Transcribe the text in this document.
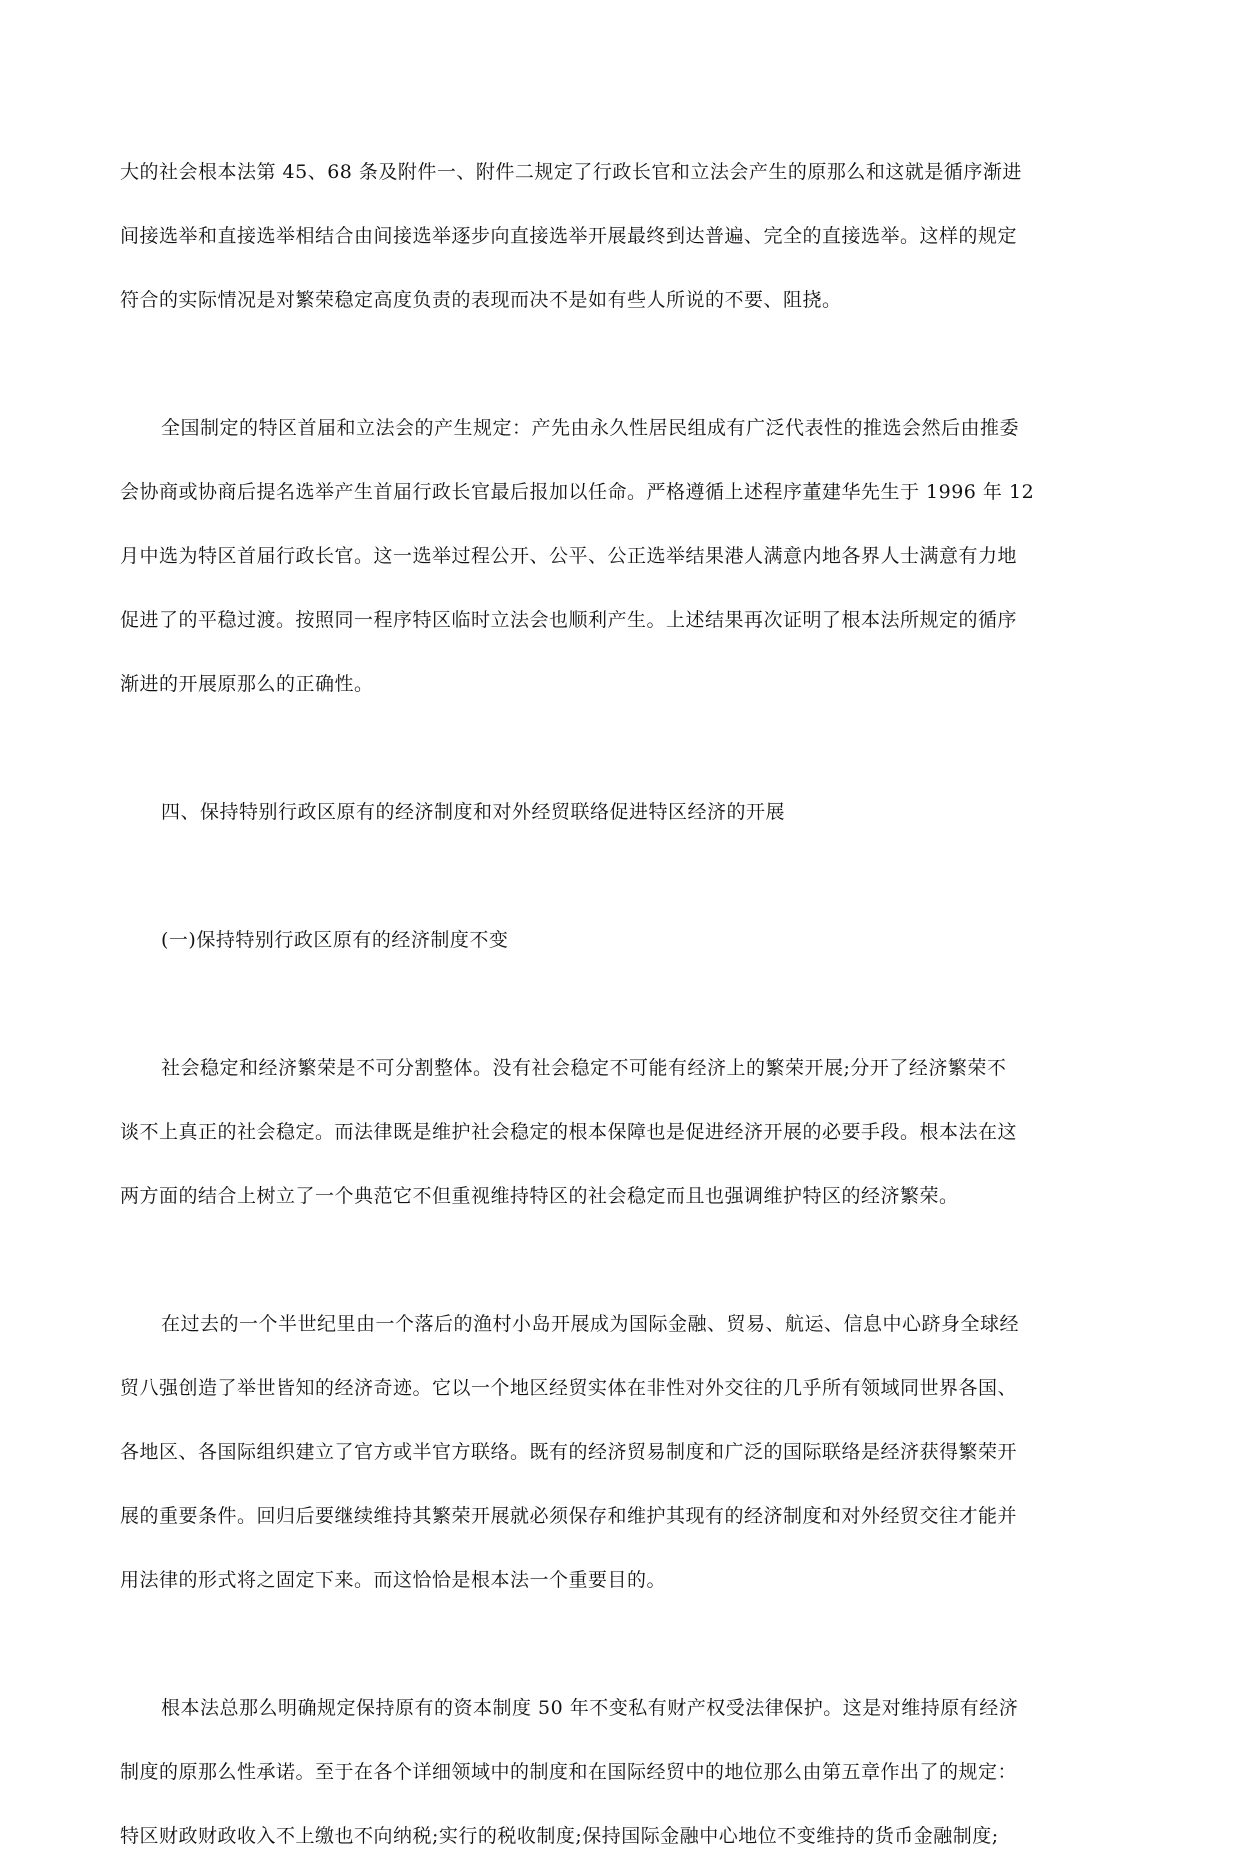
大的社会根本法第 45、68 条及附件一、附件二规定了行政长官和立法会产生的原那么和这就是循序渐进
间接选举和直接选举相结合由间接选举逐步向直接选举开展最终到达普遍、完全的直接选举。这样的规定
符合的实际情况是对繁荣稳定高度负责的表现而决不是如有些人所说的不要、阻挠。
全国制定的特区首届和立法会的产生规定：产先由永久性居民组成有广泛代表性的推选会然后由推委
会协商或协商后提名选举产生首届行政长官最后报加以任命。严格遵循上述程序董建华先生于 1996 年 12
月中选为特区首届行政长官。这一选举过程公开、公平、公正选举结果港人满意内地各界人士满意有力地
促进了的平稳过渡。按照同一程序特区临时立法会也顺利产生。上述结果再次证明了根本法所规定的循序
渐进的开展原那么的正确性。
四、保持特别行政区原有的经济制度和对外经贸联络促进特区经济的开展
(一)保持特别行政区原有的经济制度不变
社会稳定和经济繁荣是不可分割整体。没有社会稳定不可能有经济上的繁荣开展;分开了经济繁荣不
谈不上真正的社会稳定。而法律既是维护社会稳定的根本保障也是促进经济开展的必要手段。根本法在这
两方面的结合上树立了一个典范它不但重视维持特区的社会稳定而且也强调维护特区的经济繁荣。
在过去的一个半世纪里由一个落后的渔村小岛开展成为国际金融、贸易、航运、信息中心跻身全球经
贸八强创造了举世皆知的经济奇迹。它以一个地区经贸实体在非性对外交往的几乎所有领域同世界各国、
各地区、各国际组织建立了官方或半官方联络。既有的经济贸易制度和广泛的国际联络是经济获得繁荣开
展的重要条件。回归后要继续维持其繁荣开展就必须保存和维护其现有的经济制度和对外经贸交往才能并
用法律的形式将之固定下来。而这恰恰是根本法一个重要目的。
根本法总那么明确规定保持原有的资本制度 50 年不变私有财产权受法律保护。这是对维持原有经济
制度的原那么性承诺。至于在各个详细领域中的制度和在国际经贸中的地位那么由第五章作出了的规定：
特区财政财政收入不上缴也不向纳税;实行的税收制度;保持国际金融中心地位不变维持的货币金融制度;
